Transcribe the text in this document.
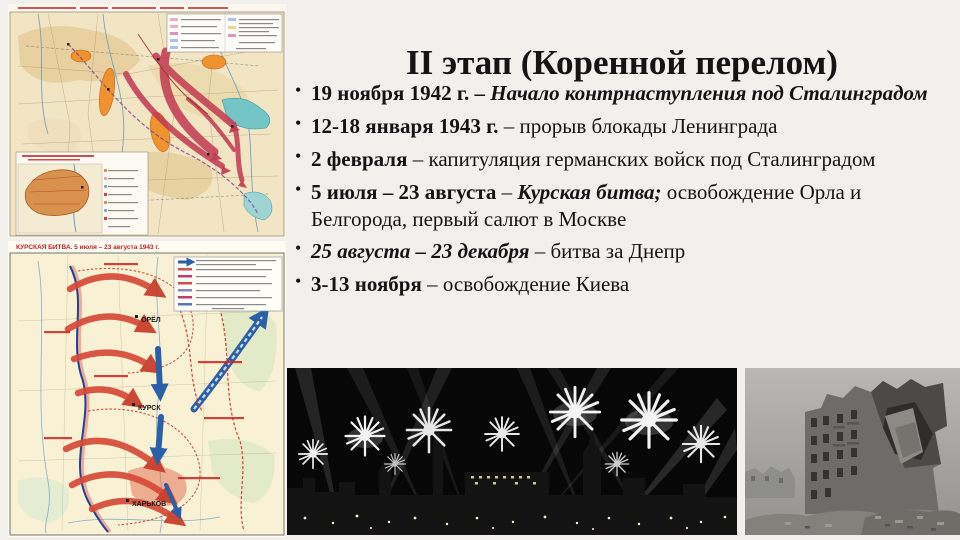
КУРСКАЯ БИТВА. 5 июля – 23 августа 1943 г.
ОРЁЛ
КУРСК
ХАРЬКОВ
II этап (Коренной перелом)
• 19 ноября 1942 г. – Начало контрнаступления под Сталинградом
• 12-18 января 1943 г. – прорыв блокады Ленинграда
• 2 февраля – капитуляция германских войск под Сталинградом
• 5 июля – 23 августа – Курская битва; освобождение Орла и Белгорода, первый салют в Москве
• 25 августа – 23 декабря – битва за Днепр
• 3-13 ноября – освобождение Киева
